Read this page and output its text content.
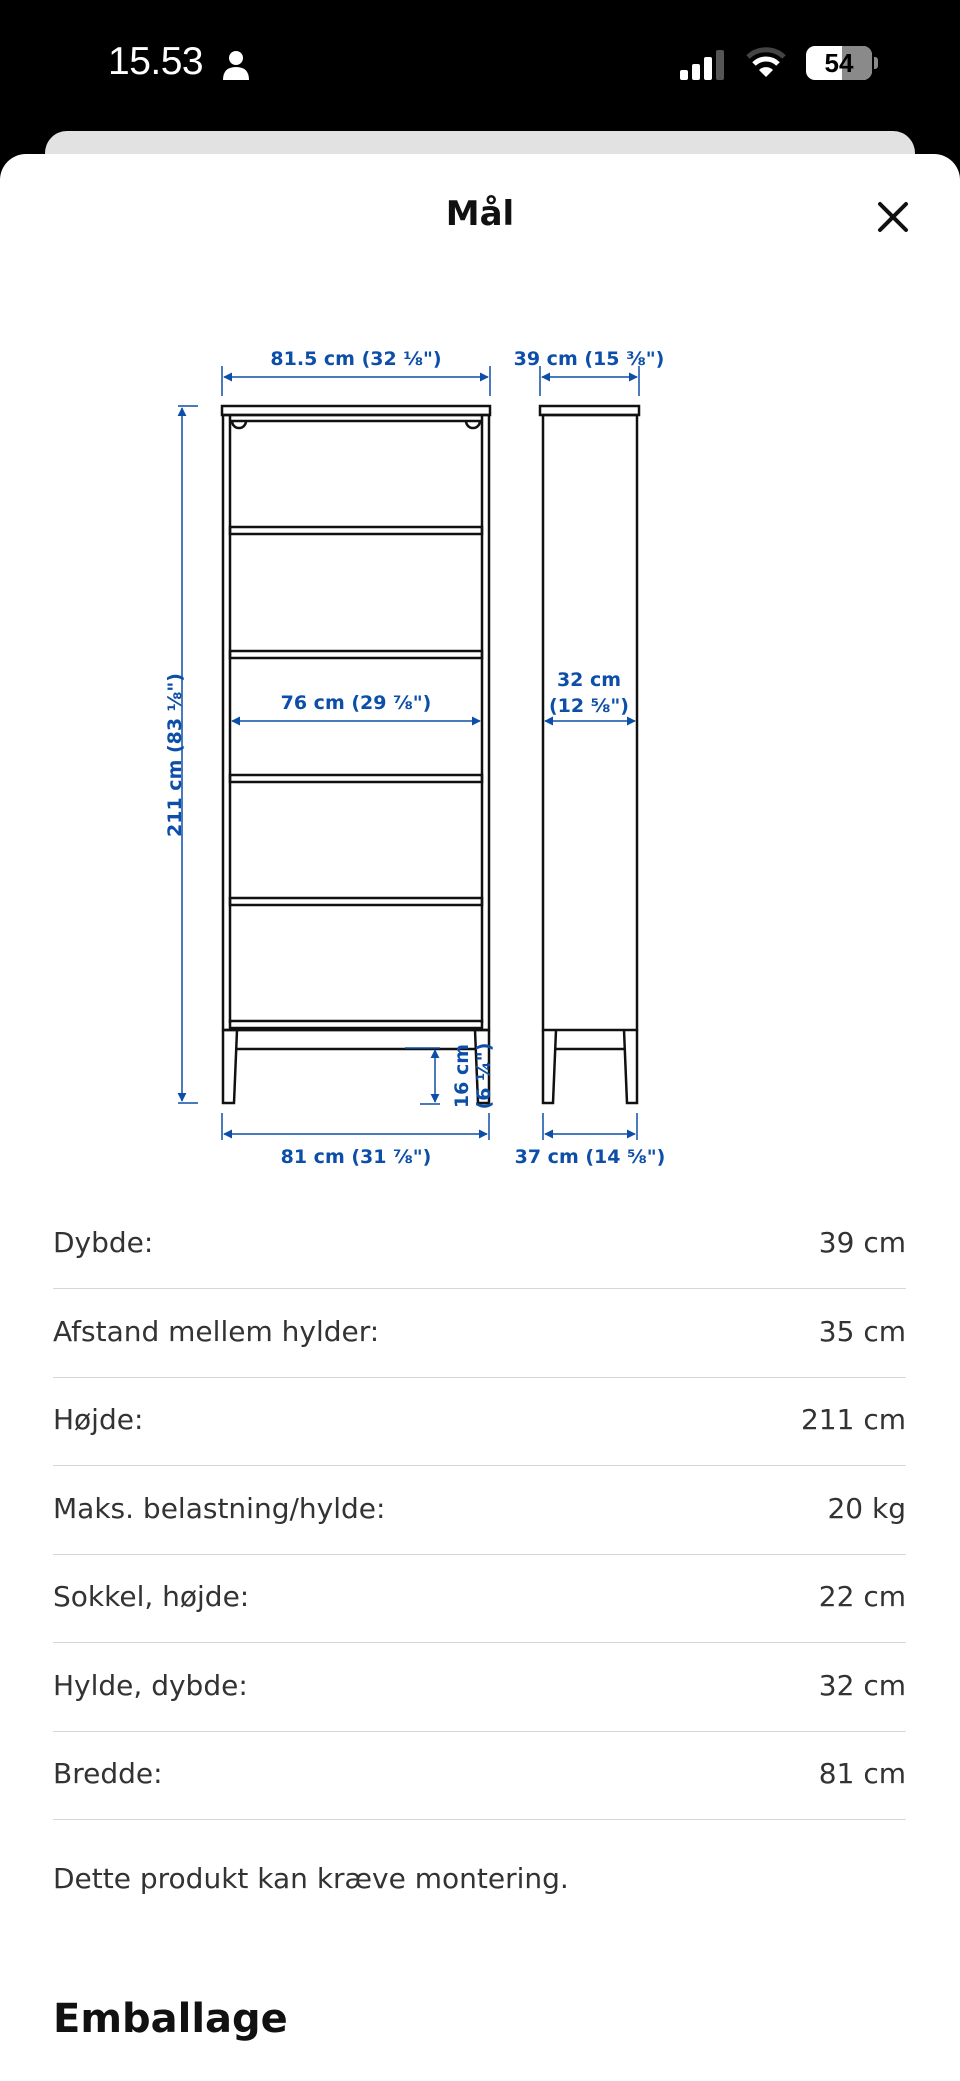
15.53	54
Mål
81.5 cm (32 ⅛")	39 cm (15 ⅜")
76 cm (29 ⅞")
32 cm
(12 ⅝")
211 cm (83 ⅛")
16 cm (6 ¼")
81 cm (31 ⅞")	37 cm (14 ⅝")
Dybde:	39 cm
Afstand mellem hylder:	35 cm
Højde:	211 cm
Maks. belastning/hylde:	20 kg
Sokkel, højde:	22 cm
Hylde, dybde:	32 cm
Bredde:	81 cm
Dette produkt kan kræve montering.
Emballage
